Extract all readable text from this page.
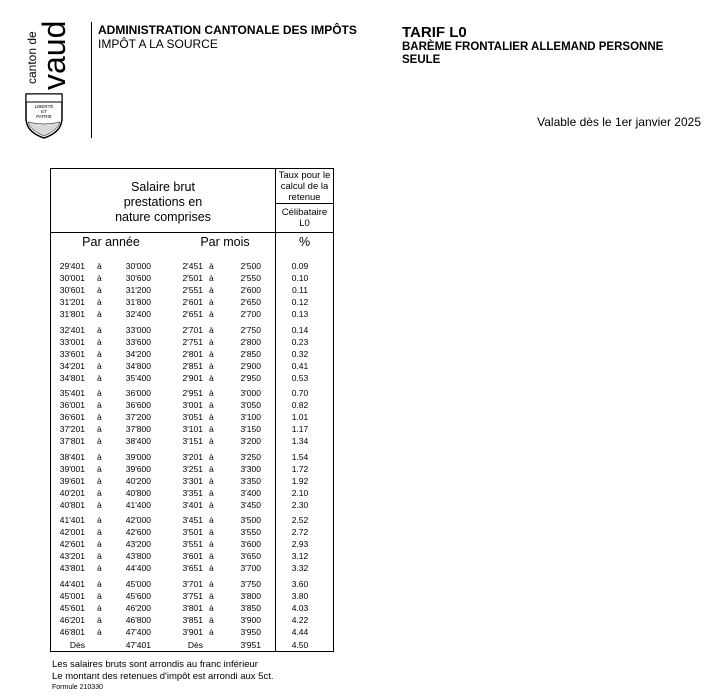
canton de
vaud
LIBERTÉ
ET
PATRIE
ADMINISTRATION CANTONALE DES IMPÔTS
IMPÔT A LA SOURCE
TARIF L0
BARÈME FRONTALIER ALLEMAND PERSONNE SEULE
Valable dès le 1er janvier 2025
Salaire brut prestations en nature comprises
Taux pour le calcul de la retenue
Célibataire L0
Par année	Par mois	%
29'401 à	30'000	2'451 à	2'500	0.09
30'001 à	30'600	2'501 à	2'550	0.10
30'601 à	31'200	2'551 à	2'600	0.11
31'201 à	31'800	2'601 à	2'650	0.12
31'801 à	32'400	2'651 à	2'700	0.13
32'401 à	33'000	2'701 à	2'750	0.14
33'001 à	33'600	2'751 à	2'800	0.23
33'601 à	34'200	2'801 à	2'850	0.32
34'201 à	34'800	2'851 à	2'900	0.41
34'801 à	35'400	2'901 à	2'950	0.53
35'401 à	36'000	2'951 à	3'000	0.70
36'001 à	36'600	3'001 à	3'050	0.82
36'601 à	37'200	3'051 à	3'100	1.01
37'201 à	37'800	3'101 à	3'150	1.17
37'801 à	38'400	3'151 à	3'200	1.34
38'401 à	39'000	3'201 à	3'250	1.54
39'001 à	39'600	3'251 à	3'300	1.72
39'601 à	40'200	3'301 à	3'350	1.92
40'201 à	40'800	3'351 à	3'400	2.10
40'801 à	41'400	3'401 à	3'450	2.30
41'401 à	42'000	3'451 à	3'500	2.52
42'001 à	42'600	3'501 à	3'550	2.72
42'601 à	43'200	3'551 à	3'600	2.93
43'201 à	43'800	3'601 à	3'650	3.12
43'801 à	44'400	3'651 à	3'700	3.32
44'401 à	45'000	3'701 à	3'750	3.60
45'001 à	45'600	3'751 à	3'800	3.80
45'601 à	46'200	3'801 à	3'850	4.03
46'201 à	46'800	3'851 à	3'900	4.22
46'801 à	47'400	3'901 à	3'950	4.44
Dès	47'401	Dès	3'951	4.50
Les salaires bruts sont arrondis au franc inférieur
Le montant des retenues d'impôt est arrondi aux 5ct.
Formule 210330
